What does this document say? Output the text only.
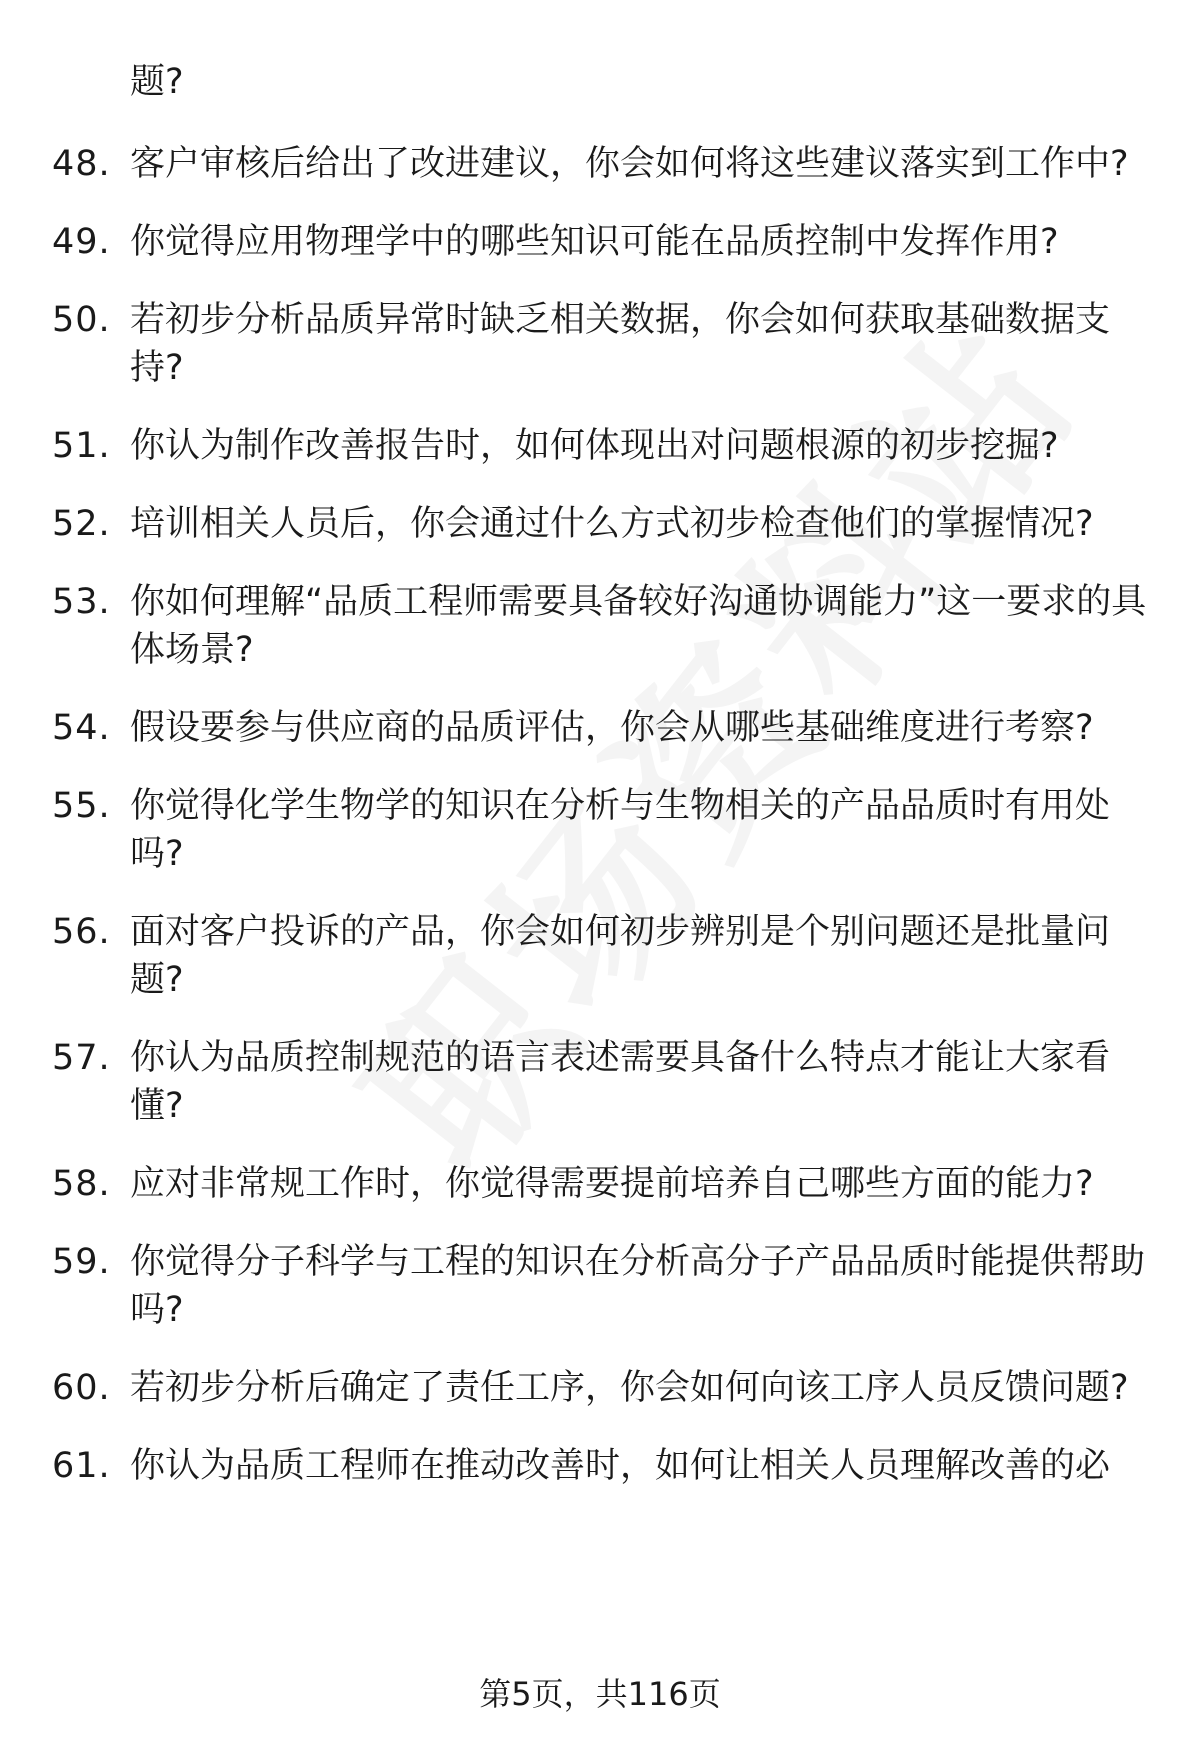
题?
48. 客户审核后给出了改进建议，你会如何将这些建议落实到工作中?
49. 你觉得应用物理学中的哪些知识可能在品质控制中发挥作用?
50. 若初步分析品质异常时缺乏相关数据，你会如何获取基础数据支持?
51. 你认为制作改善报告时，如何体现出对问题根源的初步挖掘?
52. 培训相关人员后，你会通过什么方式初步检查他们的掌握情况?
53. 你如何理解“品质工程师需要具备较好沟通协调能力”这一要求的具体场景?
54. 假设要参与供应商的品质评估，你会从哪些基础维度进行考察?
55. 你觉得化学生物学的知识在分析与生物相关的产品品质时有用处吗?
56. 面对客户投诉的产品，你会如何初步辨别是个别问题还是批量问题?
57. 你认为品质控制规范的语言表述需要具备什么特点才能让大家看懂?
58. 应对非常规工作时，你觉得需要提前培养自己哪些方面的能力?
59. 你觉得分子科学与工程的知识在分析高分子产品品质时能提供帮助吗?
60. 若初步分析后确定了责任工序，你会如何向该工序人员反馈问题?
61. 你认为品质工程师在推动改善时，如何让相关人员理解改善的必
第5页，共116页
